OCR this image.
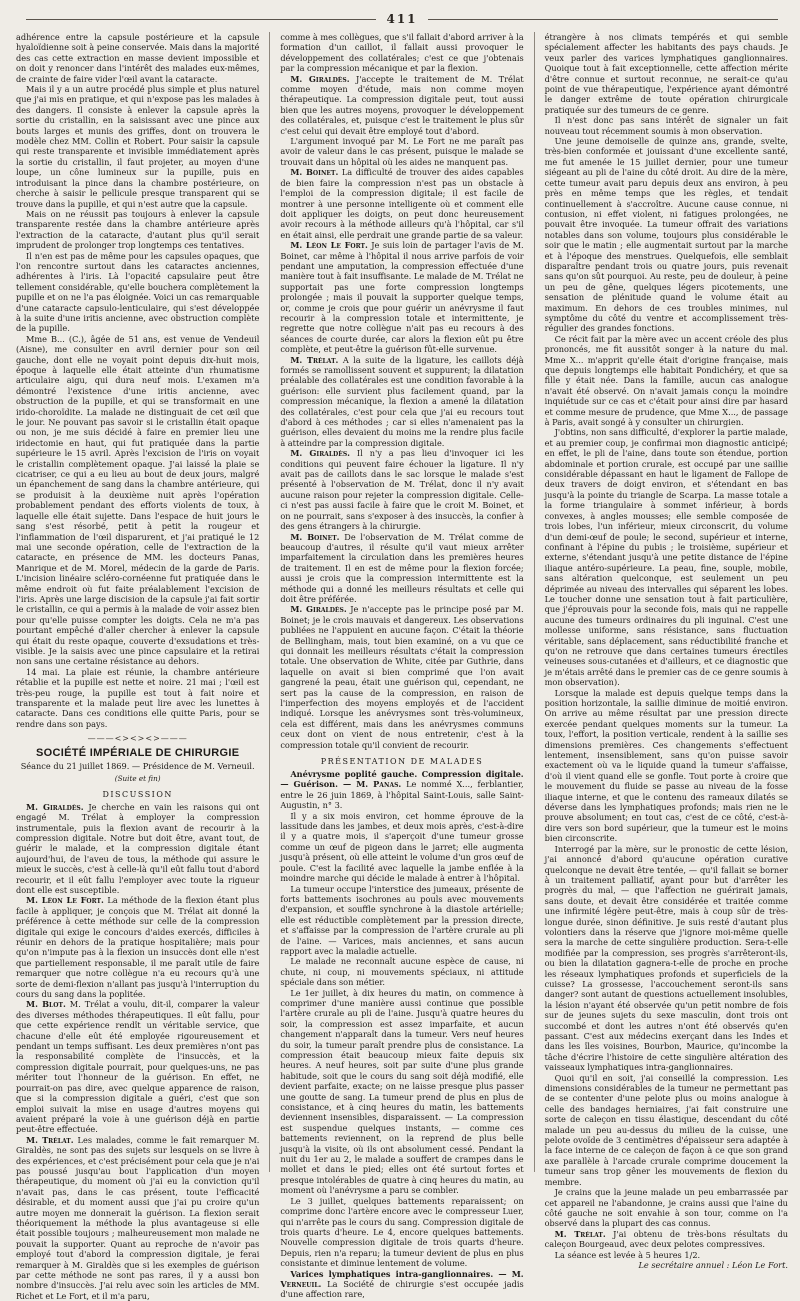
411

adhérence entre la capsule postérieure et la capsule hyaloïdienne soit à peine conservée. Mais dans la majorité des cas cette extraction en masse devient impossible et on doit y renoncer dans l'intérêt des malades eux-mêmes, de crainte de faire vider l'œil avant la cataracte.

Mais il y a un autre procédé plus simple et plus naturel que j'ai mis en pratique, et qui n'expose pas les malades à des dangers. Il consiste à enlever la capsule après la sortie du cristallin, en la saisissant avec une pince aux bouts larges et munis des griffes, dont on trouvera le modèle chez MM. Collin et Robert. Pour saisir la capsule qui reste transparente et invisible immédiatement après la sortie du cristallin, il faut projeter, au moyen d'une loupe, un cône lumineux sur la pupille, puis en introduisant la pince dans la chambre postérieure, on cherche à saisir le pellicule presque transparent qui se trouve dans la pupille, et qui n'est autre que la capsule.

Mais on ne réussit pas toujours à enlever la capsule transparente restée dans la chambre antérieure après l'extraction de la cataracte, d'autant plus qu'il serait imprudent de prolonger trop longtemps ces tentatives.

Il n'en est pas de même pour les capsules opaques, que l'on rencontre surtout dans les cataractes anciennes, adhérentes à l'iris. Là l'opacité capsulaire peut être tellement considérable, qu'elle bouchera complètement la pupille et on ne l'a pas éloignée. Voici un cas remarquable d'une cataracte capsulo-lenticulaire, qui s'est développée à la suite d'une iritis ancienne, avec obstruction complète de la pupille.

Mme B... (C.), âgée de 51 ans, est venue de Vendeuil (Aisne), me consulter en avril dernier pour son œil gauche, dont elle ne voyait point depuis dix-huit mois, époque à laquelle elle était atteinte d'un rhumatisme articulaire aigu, qui dura neuf mois. L'examen m'a démontré l'existence d'une iritis ancienne, avec obstruction de la pupille, et qui se transformait en une irido-choroïdite. La malade ne distinguait de cet œil que le jour. Ne pouvant pas savoir si le cristallin était opaque ou non, je me suis décidé à faire en premier lieu une iridectomie en haut, qui fut pratiquée dans la partie supérieure le 15 avril. Après l'excision de l'iris on voyait le cristallin complètement opaque. J'ai laissé la plaie se cicatriser, ce qui a eu lieu au bout de deux jours, malgré un épanchement de sang dans la chambre antérieure, qui se produisit à la deuxième nuit après l'opération probablement pendant des efforts violents de toux, à laquelle elle était sujette. Dans l'espace de huit jours le sang s'est résorbé, petit à petit la rougeur et l'inflammation de l'œil disparurent, et j'ai pratiqué le 12 mai une seconde opération, celle de l'extraction de la cataracte, en présence de MM. les docteurs Panas, Manrique et de M. Morel, médecin de la garde de Paris. L'incision linéaire scléro-cornéenne fut pratiquée dans le même endroit où fut faite préalablement l'excision de l'iris. Après une large discision de la capsule j'ai fait sortir le cristallin, ce qui a permis à la malade de voir assez bien pour qu'elle puisse compter les doigts. Cela ne m'a pas pourtant empêché d'aller chercher à enlever la capsule qui était du reste opaque, couverte d'exsudations et très-visible. Je la saisis avec une pince capsulaire et la retirai non sans une certaine résistance au dehors.

14 mai. La plaie est réunie, la chambre antérieure rétablie et la pupille est nette et noire. 21 mai ; l'œil est très-peu rouge, la pupille est tout à fait noire et transparente et la malade peut lire avec les lunettes à cataracte. Dans ces conditions elle quitte Paris, pour se rendre dans son pays.

———<><><>———
SOCIÉTÉ IMPÉRIALE DE CHIRURGIE
Séance du 21 juillet 1869. — Présidence de M. Verneuil.
(Suite et fin)
DISCUSSION

M. Giraldès. Je cherche en vain les raisons qui ont engagé M. Trélat à employer la compression instrumentale, puis la flexion avant de recourir à la compression digitale. Notre but doit être, avant tout, de guérir le malade, et la compression digitale étant aujourd'hui, de l'aveu de tous, la méthode qui assure le mieux le succès, c'est à celle-là qu'il eût fallu tout d'abord recourir, et il eût fallu l'employer avec toute la rigueur dont elle est susceptible.

M. Léon Le Fort. La méthode de la flexion étant plus facile à appliquer, je conçois que M. Trélat ait donné la préférence à cette méthode sur celle de la compression digitale qui exige le concours d'aides exercés, difficiles à réunir en dehors de la pratique hospitalière; mais pour qu'on n'impute pas à la flexion un insuccès dont elle n'est que partiellement responsable, il me paraît utile de faire remarquer que notre collègue n'a eu recours qu'à une sorte de demi-flexion n'allant pas jusqu'à l'interruption du cours du sang dans la poplitée.

M. Blot. M. Trélat a voulu, dit-il, comparer la valeur des diverses méthodes thérapeutiques. Il eût fallu, pour que cette expérience rendît un véritable service, que chacune d'elle eût été employée rigoureusement et pendant un temps suffisant. Les deux premières n'ont pas la responsabilité complète de l'insuccès, et la compression digitale pourrait, pour quelques-uns, ne pas mériter tout l'honneur de la guérison. En effet, ne pourrait-on pas dire, avec quelque apparence de raison, que si la compression digitale a guéri, c'est que son emploi suivait la mise en usage d'autres moyens qui avaient préparé la voie à une guérison déjà en partie peut-être effectuée.

M. Trélat. Les malades, comme le fait remarquer M. Giraldès, ne sont pas des sujets sur lesquels on se livre à des expériences, et c'est précisément pour cela que je n'ai pas poussé jusqu'au bout l'application d'un moyen thérapeutique, du moment où j'ai eu la conviction qu'il n'avait pas, dans le cas présent, toute l'efficacité désirable, et du moment aussi que j'ai pu croire qu'un autre moyen me donnerait la guérison. La flexion serait théoriquement la méthode la plus avantageuse si elle était possible toujours ; malheureusement mon malade ne pouvait la supporter. Quant au reproche de n'avoir pas employé tout d'abord la compression digitale, je ferai remarquer à M. Giraldès que si les exemples de guérison par cette méthode ne sont pas rares, il y a aussi bon nombre d'insuccès. J'ai relu avec soin les articles de MM. Richet et Le Fort, et il m'a paru,

comme à mes collègues, que s'il fallait d'abord arriver à la formation d'un caillot, il fallait aussi provoquer le développement des collatérales; c'est ce que j'obtenais par la compression mécanique et par la flexion.

M. Giraldès. J'accepte le traitement de M. Trélat comme moyen d'étude, mais non comme moyen thérapeutique. La compression digitale peut, tout aussi bien que les autres moyens, provoquer le développement des collatérales, et, puisque c'est le traitement le plus sûr c'est celui qui devait être employé tout d'abord.

L'argument invoqué par M. Le Fort ne me paraît pas avoir de valeur dans le cas présent, puisque le malade se trouvait dans un hôpital où les aides ne manquent pas.

M. Boinet. La difficulté de trouver des aides capables de bien faire la compression n'est pas un obstacle à l'emploi de la compression digitale; il est facile de montrer à une personne intelligente où et comment elle doit appliquer les doigts, on peut donc heureusement avoir recours à la méthode ailleurs qu'à l'hôpital, car s'il en était ainsi, elle perdrait une grande partie de sa valeur.

M. Léon Le Fort. Je suis loin de partager l'avis de M. Boinet, car même à l'hôpital il nous arrive parfois de voir pendant une amputation, la compression effectuée d'une manière tout à fait insuffisante. Le malade de M. Trélat ne supportait pas une forte compression longtemps prolongée ; mais il pouvait la supporter quelque temps, or, comme je crois que pour guérir un anévrysme il faut recourir à la compression totale et intermittente, je regrette que notre collègue n'ait pas eu recours à des séances de courte durée, car alors la flexion eût pu être complète, et peut-être la guérison fût-elle survenue.

M. Trélat. A la suite de la ligature, les caillots déjà formés se ramollissent souvent et suppurent; la dilatation préalable des collatérales est une condition favorable à la guérison: elle survient plus facilement quand, par la compression mécanique, la flexion a amené la dilatation des collatérales, c'est pour cela que j'ai eu recours tout d'abord à ces méthodes ; car si elles n'amenaient pas la guérison, elles devaient du moins me la rendre plus facile à atteindre par la compression digitale.

M. Giraldès. Il n'y a pas lieu d'invoquer ici les conditions qui peuvent faire échouer la ligature. Il n'y avait pas de caillots dans le sac lorsque le malade s'est présenté à l'observation de M. Trélat, donc il n'y avait aucune raison pour rejeter la compression digitale. Celle-ci n'est pas aussi facile à faire que le croit M. Boinet, et on ne pourrait, sans s'exposer à des insuccès, la confier à des gens étrangers à la chirurgie.

M. Boinet. De l'observation de M. Trélat comme de beaucoup d'autres, il résulte qu'il vaut mieux arrêter imparfaitement la circulation dans les premières heures de traitement. Il en est de même pour la flexion forcée; aussi je crois que la compression intermittente est la méthode qui a donné les meilleurs résultats et celle qui doit être préférée.

M. Giraldès. Je n'accepte pas le principe posé par M. Boinet; je le crois mauvais et dangereux. Les observations publiées ne l'appuient en aucune façon. C'était la théorie de Bellingham, mais, tout bien examiné, on a vu que ce qui donnait les meilleurs résultats c'était la compression totale. Une observation de White, citée par Guthrie, dans laquelle on avait si bien comprimé que l'on avait gangrené la peau, était une guérison qui, cependant, ne sert pas la cause de la compression, en raison de l'imperfection des moyens employés et de l'accident indiqué. Lorsque les anévrysmes sont très-volumineux, cela est différent, mais dans les anévrysmes communs ceux dont on vient de nous entretenir, c'est à la compression totale qu'il convient de recourir.

PRÉSENTATION DE MALADES

Anévrysme poplité gauche. Compression digitale. — Guérison. — M. Panas. Le nommé X..., ferblantier, entre le 26 juin 1869, à l'hôpital Saint-Louis, salle Saint-Augustin, n° 3.

Il y a six mois environ, cet homme éprouve de la lassitude dans les jambes, et deux mois après, c'est-à-dire il y a quatre mois, il s'aperçoit d'une tumeur grosse comme un œuf de pigeon dans le jarret; elle augmenta jusqu'à présent, où elle atteint le volume d'un gros œuf de poule. C'est la facilité avec laquelle la jambe enflée à la moindre marche qui décide le malade à entrer à l'hôpital.

La tumeur occupe l'interstice des jumeaux, présente de forts battements isochrones au pouls avec mouvements d'expansion, et souffle synchrone à la diastole artérielle; elle est réductible complètement par la pression directe, et s'affaisse par la compression de l'artère crurale au pli de l'aine. — Varices, mais anciennes, et sans aucun rapport avec la maladie actuelle.

Le malade ne reconnaît aucune espèce de cause, ni chute, ni coup, ni mouvements spéciaux, ni attitude spéciale dans son métier.

Le 1er juillet, à dix heures du matin, on commence à comprimer d'une manière aussi continue que possible l'artère crurale au pli de l'aine. Jusqu'à quatre heures du soir, la compression est assez imparfaite, et aucun changement n'apparaît dans la tumeur. Vers neuf heures du soir, la tumeur paraît prendre plus de consistance. La compression était beaucoup mieux faite depuis six heures. A neuf heures, soit par suite d'une plus grande habitude, soit que le cours du sang soit déjà modifié, elle devient parfaite, exacte; on ne laisse presque plus passer une goutte de sang. La tumeur prend de plus en plus de consistance, et à cinq heures du matin, les battements deviennent insensibles, disparaissent. — La compression est suspendue quelques instants, — comme ces battements reviennent, on la reprend de plus belle jusqu'à la visite, où ils ont absolument cessé. Pendant la nuit du 1er au 2, le malade a souffert de crampes dans le mollet et dans le pied; elles ont été surtout fortes et presque intolérables de quatre à cinq heures du matin, au moment où l'anévrysme a paru se combler.

Le 3 juillet, quelques battements reparaissent; on comprime donc l'artère encore avec le compresseur Luer, qui n'arrête pas le cours du sang. Compression digitale de trois quarts d'heure. Le 4, encore quelques battements. Nouvelle compression digitale de trois quarts d'heure. Depuis, rien n'a reparu; la tumeur devient de plus en plus consistante et diminue lentement de volume.

Varices lymphatiques intra-ganglionnaires. — M. Verneuil. La Société de chirurgie s'est occupée jadis d'une affection rare,

étrangère à nos climats tempérés et qui semble spécialement affecter les habitants des pays chauds. Je veux parler des varices lymphatiques ganglionnaires. Quoique tout à fait exceptionnelle, cette affection mérite d'être connue et surtout reconnue, ne serait-ce qu'au point de vue thérapeutique, l'expérience ayant démontré le danger extrême de toute opération chirurgicale pratiquée sur des tumeurs de ce genre.

Il n'est donc pas sans intérêt de signaler un fait nouveau tout récemment soumis à mon observation.

Une jeune demoiselle de quinze ans, grande, svelte, très-bien conformée et jouissant d'une excellente santé, me fut amenée le 15 juillet dernier, pour une tumeur siégeant au pli de l'aine du côté droit. Au dire de la mère, cette tumeur avait paru depuis deux ans environ, à peu près en même temps que les règles, et tendait continuellement à s'accroître. Aucune cause connue, ni contusion, ni effet violent, ni fatigues prolongées, ne pouvait être invoquée. La tumeur offrait des variations notables dans son volume, toujours plus considérable le soir que le matin ; elle augmentait surtout par la marche et à l'époque des menstrues. Quelquefois, elle semblait disparaître pendant trois ou quatre jours, puis revenait sans qu'on sût pourquoi. Au reste, peu de douleur, à peine un peu de gêne, quelques légers picotements, une sensation de plénitude quand le volume était au maximum. En dehors de ces troubles minimes, nul symptôme du côté du ventre et accomplissement très-régulier des grandes fonctions.

Ce récit fait par la mère avec un accent créole des plus prononcés, me fit aussitôt songer à la nature du mal. Mme X... m'apprit qu'elle était d'origine française, mais que depuis longtemps elle habitait Pondichéry, et que sa fille y était née. Dans la famille, aucun cas analogue n'avait été observé. On n'avait jamais conçu la moindre inquiétude sur ce cas et c'était pour ainsi dire par hasard et comme mesure de prudence, que Mme X..., de passage à Paris, avait songé à y consulter un chirurgien.

J'obtins, non sans difficulté, d'explorer la partie malade, et au premier coup, je confirmai mon diagnostic anticipé; en effet, le pli de l'aine, dans toute son étendue, portion abdominale et portion crurale, est occupé par une saillie considérable dépassant en haut le ligament de Fallope de deux travers de doigt environ, et s'étendant en bas jusqu'à la pointe du triangle de Scarpa. La masse totale a la forme triangulaire à sommet inférieur, à bords convexes, à angles mousses; elle semble composée de trois lobes, l'un inférieur, mieux circonscrit, du volume d'un demi-œuf de poule; le second, supérieur et interne, confinant à l'épine du pubis ; le troisième, supérieur et externe, s'étendant jusqu'à une petite distance de l'épine iliaque antéro-supérieure. La peau, fine, souple, mobile, sans altération quelconque, est seulement un peu déprimée au niveau des intervalles qui séparent les lobes. Le toucher donne une sensation tout à fait particulière, que j'éprouvais pour la seconde fois, mais qui ne rappelle aucune des tumeurs ordinaires du pli inguinal. C'est une mollesse uniforme, sans résistance, sans fluctuation véritable, sans déplacement, sans réductibilité franche et qu'on ne retrouve que dans certaines tumeurs érectiles veineuses sous-cutanées et d'ailleurs, et ce diagnostic que je m'étais arrêté dans le premier cas de ce genre soumis à mon observation).

Lorsque la malade est depuis quelque temps dans la position horizontale, la saillie diminue de moitié environ. On arrive au même résultat par une pression directe exercée pendant quelques moments sur la tumeur. La toux, l'effort, la position verticale, rendent à la saillie ses dimensions premières. Ces changements s'effectuent lentement, insensiblement, sans qu'on puisse savoir exactement où va le liquide quand la tumeur s'affaisse, d'où il vient quand elle se gonfle. Tout porte à croire que le mouvement du fluide se passe au niveau de la fosse iliaque interne, et que le contenu des rameaux dilatés se déverse dans les lymphatiques profonds; mais rien ne le prouve absolument; en tout cas, c'est de ce côté, c'est-à-dire vers son bord supérieur, que la tumeur est le moins bien circonscrite.

Interrogé par la mère, sur le pronostic de cette lésion, j'ai annoncé d'abord qu'aucune opération curative quelconque ne devait être tentée, — qu'il fallait se borner à un traitement palliatif, ayant pour but d'arrêter les progrès du mal, — que l'affection ne guérirait jamais, sans doute, et devait être considérée et traitée comme une infirmité légère peut-être, mais à coup sûr de très-longue durée, sinon définitive. Je suis resté d'autant plus volontiers dans la réserve que j'ignore moi-même quelle sera la marche de cette singulière production. Sera-t-elle modifiée par la compression, ses progrès s'arrêteront-ils, ou bien la dilatation gagnera-t-elle de proche en proche les réseaux lymphatiques profonds et superficiels de la cuisse? La grossesse, l'accouchement seront-ils sans danger? sont autant de questions actuellement insolubles, la lésion n'ayant été observée qu'un petit nombre de fois sur de jeunes sujets du sexe masculin, dont trois ont succombé et dont les autres n'ont été observés qu'en passant. C'est aux médecins exerçant dans les Indes et dans les îles voisines, Bourbon, Maurice, qu'incombe la tâche d'écrire l'histoire de cette singulière altération des vaisseaux lymphatiques intra-ganglionnaires.

Quoi qu'il en soit, j'ai conseillé la compression. Les dimensions considérables de la tumeur ne permettant pas de se contenter d'une pelote plus ou moins analogue à celle des bandages herniaires, j'ai fait construire une sorte de caleçon en tissu élastique, descendant du côté malade un peu au-dessus du milieu de la cuisse, une pelote ovoïde de 3 centimètres d'épaisseur sera adaptée à la face interne de ce caleçon de façon à ce que son grand axe parallèle à l'arcade crurale comprime doucement la tumeur sans trop gêner les mouvements de flexion du membre.

Je crains que la jeune malade un peu embarrassée par cet appareil ne l'abandonne, je crains aussi que l'aine du côté gauche ne soit envahie à son tour, comme on l'a observé dans la plupart des cas connus.

M. Trélat. J'ai obtenu de très-bons résultats du caleçon Bourgeaud, avec deux pelotes compressives.

La séance est levée à 5 heures 1/2.

Le secrétaire annuel : Léon Le Fort.
